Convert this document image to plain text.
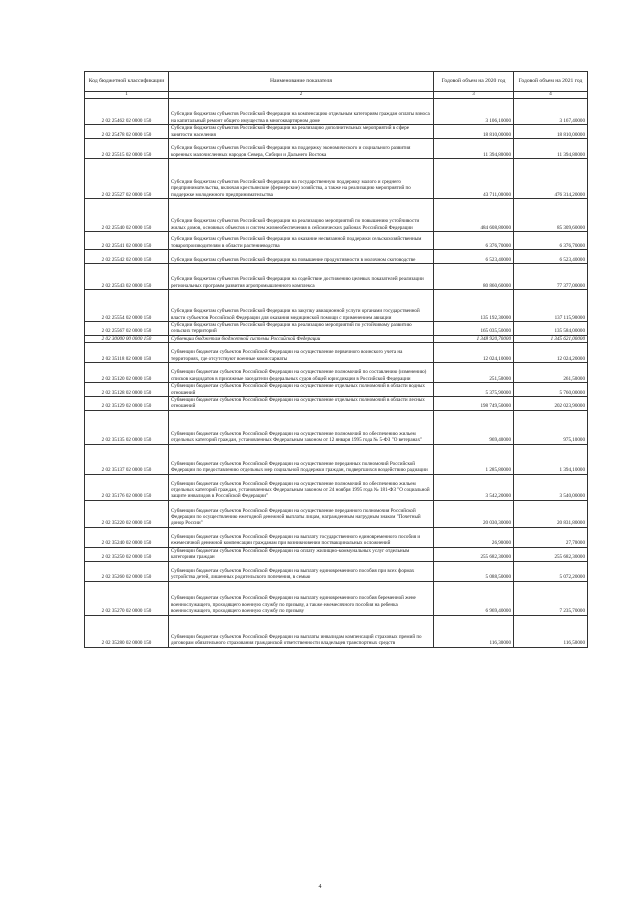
Код бюджетной классификации	Наименование показателя	Годовой объем на 2020 год	Годовой объем на 2021 год
1	2	3	4
2 02 25462 02 0000 150	Субсидии бюджетам субъектов Российской Федерации на компенсацию отдельным категориям граждан оплаты взноса на капитальный ремонт общего имущества в многоквартирном доме	3 106,10000	3 167,40000
2 02 25478 02 0000 150	Субсидии бюджетам субъектов Российской Федерации на реализацию дополнительных мероприятий в сфере занятости населения	18 810,00000	18 810,00000
2 02 25515 02 0000 150	Субсидии бюджетам субъектов Российской Федерации на поддержку экономического и социального развития коренных малочисленных народов Севера, Сибири и Дальнего Востока	11 394,80000	11 394,80000
2 02 25527 02 0000 150	Субсидии бюджетам субъектов Российской Федерации на государственную поддержку малого и среднего предпринимательства, включая крестьянские (фермерские) хозяйства, а также на реализацию мероприятий по поддержке молодежного предпринимательства	43 711,00000	476 314,20000
2 02 25540 02 0000 150	Субсидии бюджетам субъектов Российской Федерации на реализацию мероприятий по повышению устойчивости жилых домов, основных объектов и систем жизнеобеспечения в сейсмических районах Российской Федерации	484 608,80000	85 309,60000
2 02 25541 02 0000 150	Субсидии бюджетам субъектов Российской Федерации на оказание несвязанной поддержки сельскохозяйственным товаропроизводителям в области растениеводства	6 376,70000	6 376,70000
2 02 25542 02 0000 150	Субсидии бюджетам субъектов Российской Федерации на повышение продуктивности в молочном скотоводстве	6 523,40000	6 523,40000
2 02 25543 02 0000 150	Субсидии бюджетам субъектов Российской Федерации на содействие достижению целевых показателей реализации региональных программ развития агропромышленного комплекса	80 860,60000	77 377,00000
2 02 25554 02 0000 150	Субсидии бюджетам субъектов Российской Федерации на закупку авиационной услуги органами государственной власти субъектов Российской Федерации для оказания медицинской помощи с применением авиации	135 192,30000	137 115,90000
2 02 25567 02 0000 150	Субсидии бюджетам субъектов Российской Федерации на реализацию мероприятий по устойчивому развитию сельских территорий	165 035,50000	135 584,00000
2 02 30000 00 0000 150	Субвенции бюджетам бюджетной системы Российской Федерации	1 348 920,70000	1 345 621,00000
2 02 35118 02 0000 150	Субвенции бюджетам субъектов Российской Федерации на осуществление первичного воинского учета на территориях, где отсутствуют военные комиссариаты	12 024,10000	12 024,20000
2 02 35120 02 0000 150	Субвенции бюджетам субъектов Российской Федерации на осуществление полномочий по составлению (изменению) списков кандидатов в присяжные заседатели федеральных судов общей юрисдикции в Российской Федерации	251,50000	261,50000
2 02 35128 02 0000 150	Субвенции бюджетам субъектов Российской Федерации на осуществление отдельных полномочий в области водных отношений	5 375,90000	5 760,00000
2 02 35129 02 0000 150	Субвенции бюджетам субъектов Российской Федерации на осуществление отдельных полномочий в области лесных отношений	198 749,50000	202 023,90000
2 02 35135 02 0000 150	Субвенции бюджетам субъектов Российской Федерации на осуществление полномочий по обеспечению жильем отдельных категорий граждан, установленных Федеральным законом от 12 января 1995 года № 5-ФЗ "О ветеранах"	969,40000	975,10000
2 02 35137 02 0000 150	Субвенции бюджетам субъектов Российской Федерации на осуществление переданных полномочий Российской Федерации по предоставлению отдельных мер социальной поддержки граждан, подвергшихся воздействию радиации	1 285,80000	1 394,10000
2 02 35176 02 0000 150	Субвенции бюджетам субъектов Российской Федерации на осуществление полномочий по обеспечению жильем отдельных категорий граждан, установленных Федеральным законом от 24 ноября 1995 года № 181-ФЗ "О социальной защите инвалидов в Российской Федерации"	3 542,20000	3 540,00000
2 02 35220 02 0000 150	Субвенции бюджетам субъектов Российской Федерации на осуществление переданного полномочия Российской Федерации по осуществлению ежегодной денежной выплаты лицам, награжденным нагрудным знаком "Почетный донор России"	20 030,30000	20 831,80000
2 02 35240 02 0000 150	Субвенции бюджетам субъектов Российской Федерации на выплату государственного единовременного пособия и ежемесячной денежной компенсации гражданам при возникновении поствакцинальных осложнений	26,90000	27,70000
2 02 35250 02 0000 150	Субвенции бюджетам субъектов Российской Федерации на оплату жилищно-коммунальных услуг отдельным категориям граждан	255 682,30000	255 682,30000
2 02 35260 02 0000 150	Субвенции бюджетам субъектов Российской Федерации на выплату единовременного пособия при всех формах устройства детей, лишенных родительского попечения, в семью	5 088,50000	5 072,20000
2 02 35270 02 0000 150	Субвенции бюджетам субъектов Российской Федерации на выплату единовременного пособия беременной жене военнослужащего, проходящего военную службу по призыву, а также ежемесячного пособия на ребенка военнослужащего, проходящего военную службу по призыву	6 969,40000	7 235,70000
2 02 35280 02 0000 150	Субвенции бюджетам субъектов Российской Федерации на выплаты инвалидам компенсаций страховых премий по договорам обязательного страхования гражданской ответственности владельцев транспортных средств	116,30000	116,50000
4
